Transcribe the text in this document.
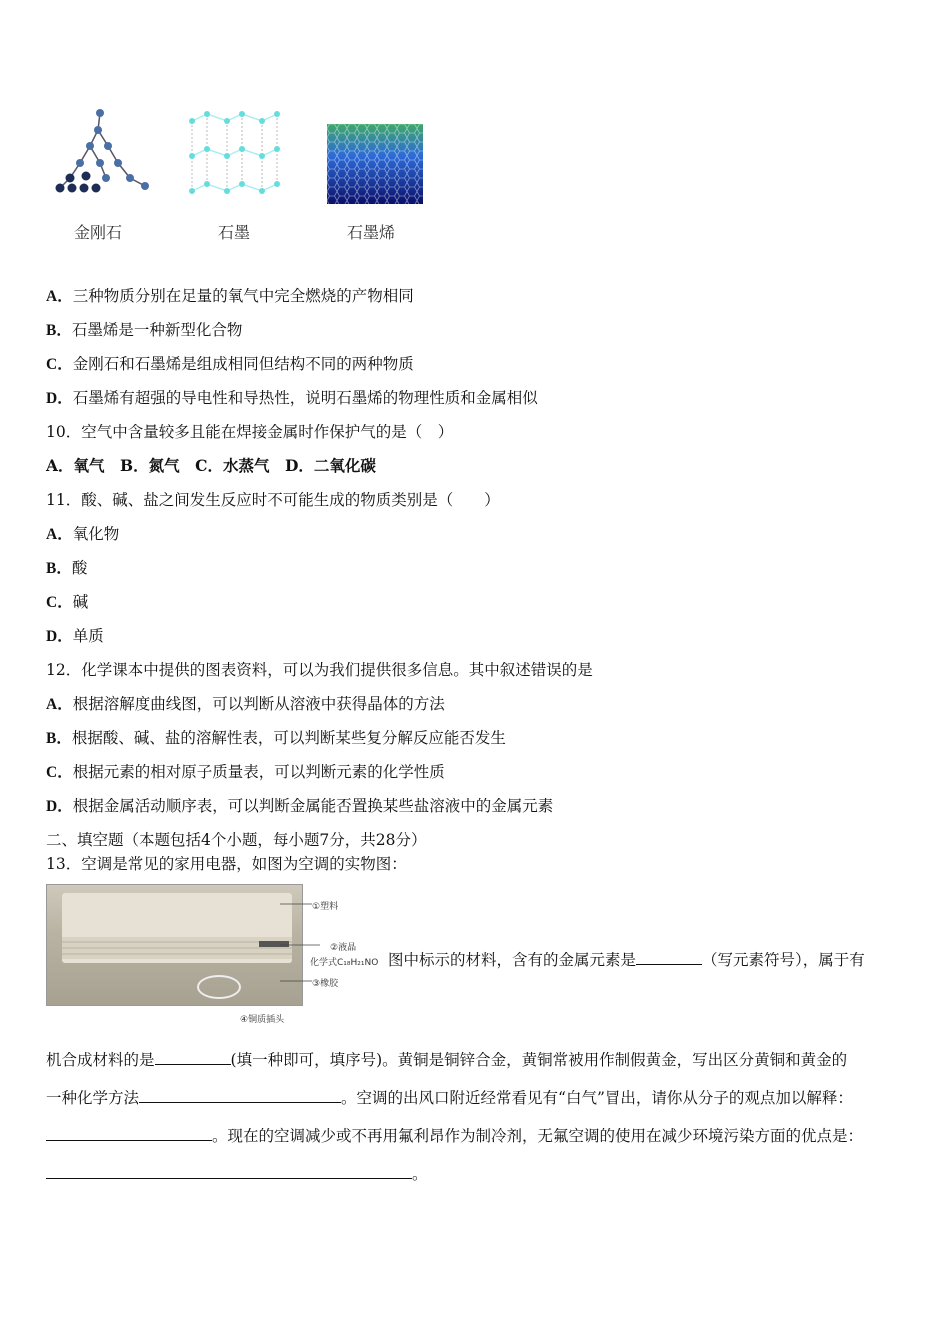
金刚石	石墨	石墨烯
A．三种物质分别在足量的氧气中完全燃烧的产物相同
B．石墨烯是一种新型化合物
C．金刚石和石墨烯是组成相同但结构不同的两种物质
D．石墨烯有超强的导电性和导热性，说明石墨烯的物理性质和金属相似
10．空气中含量较多且能在焊接金属时作保护气的是（　）
A．氧气　B．氮气　C．水蒸气　D．二氧化碳
11．酸、碱、盐之间发生反应时不可能生成的物质类别是（　　）
A．氧化物
B．酸
C．碱
D．单质
12．化学课本中提供的图表资料，可以为我们提供很多信息。其中叙述错误的是
A．根据溶解度曲线图，可以判断从溶液中获得晶体的方法
B．根据酸、碱、盐的溶解性表，可以判断某些复分解反应能否发生
C．根据元素的相对原子质量表，可以判断元素的化学性质
D．根据金属活动顺序表，可以判断金属能否置换某些盐溶液中的金属元素
二、填空题（本题包括4个小题，每小题7分，共28分）
13．空调是常见的家用电器，如图为空调的实物图：
①塑料
②液晶
化学式C₁₈H₂₁NO
③橡胶
④铜质插头
图中标示的材料，含有的金属元素是	（写元素符号），属于有
机合成材料的是	(填一种即可，填序号)。黄铜是铜锌合金，黄铜常被用作制假黄金，写出区分黄铜和黄金的
一种化学方法	。空调的出风口附近经常看见有“白气”冒出，请你从分子的观点加以解释：
。现在的空调减少或不再用氟利昂作为制冷剂，无氟空调的使用在减少环境污染方面的优点是：
。
